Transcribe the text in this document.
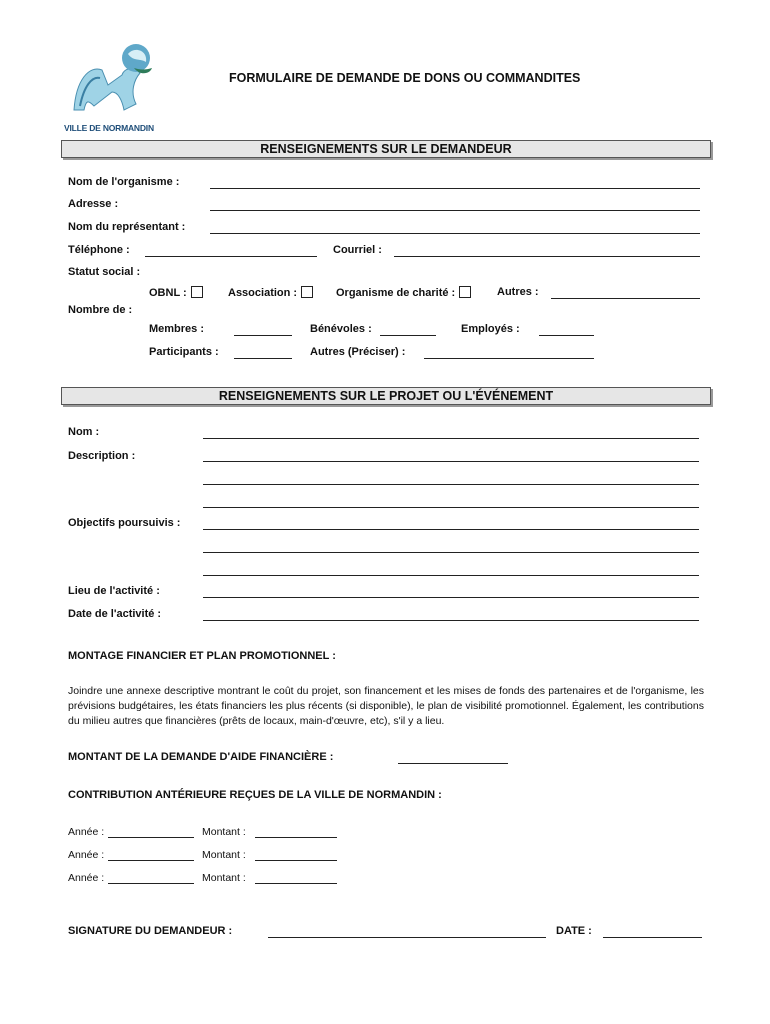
VILLE DE NORMANDIN
FORMULAIRE DE DEMANDE DE DONS OU COMMANDITES
RENSEIGNEMENTS SUR LE DEMANDEUR
Nom de l'organisme :
Adresse :
Nom du représentant :
Téléphone :	Courriel :
Statut social :
OBNL :	Association :	Organisme de charité :	Autres :
Nombre de :
Membres :	Bénévoles :	Employés :
Participants :	Autres (Préciser) :
RENSEIGNEMENTS SUR LE PROJET OU L'ÉVÉNEMENT
Nom :
Description :
Objectifs poursuivis :
Lieu de l'activité :
Date de l'activité :
MONTAGE FINANCIER ET PLAN PROMOTIONNEL :
Joindre une annexe descriptive montrant le coût du projet, son financement et les mises de fonds des partenaires et de l'organisme, les prévisions budgétaires, les états financiers les plus récents (si disponible), le plan de visibilité promotionnel. Également, les contributions du milieu autres que financières (prêts de locaux, main-d'œuvre, etc), s'il y a lieu.
MONTANT DE LA DEMANDE D'AIDE FINANCIÈRE :
CONTRIBUTION ANTÉRIEURE REÇUES DE LA VILLE DE NORMANDIN :
Année :	Montant :
Année :	Montant :
Année :	Montant :
SIGNATURE DU DEMANDEUR :	DATE :
